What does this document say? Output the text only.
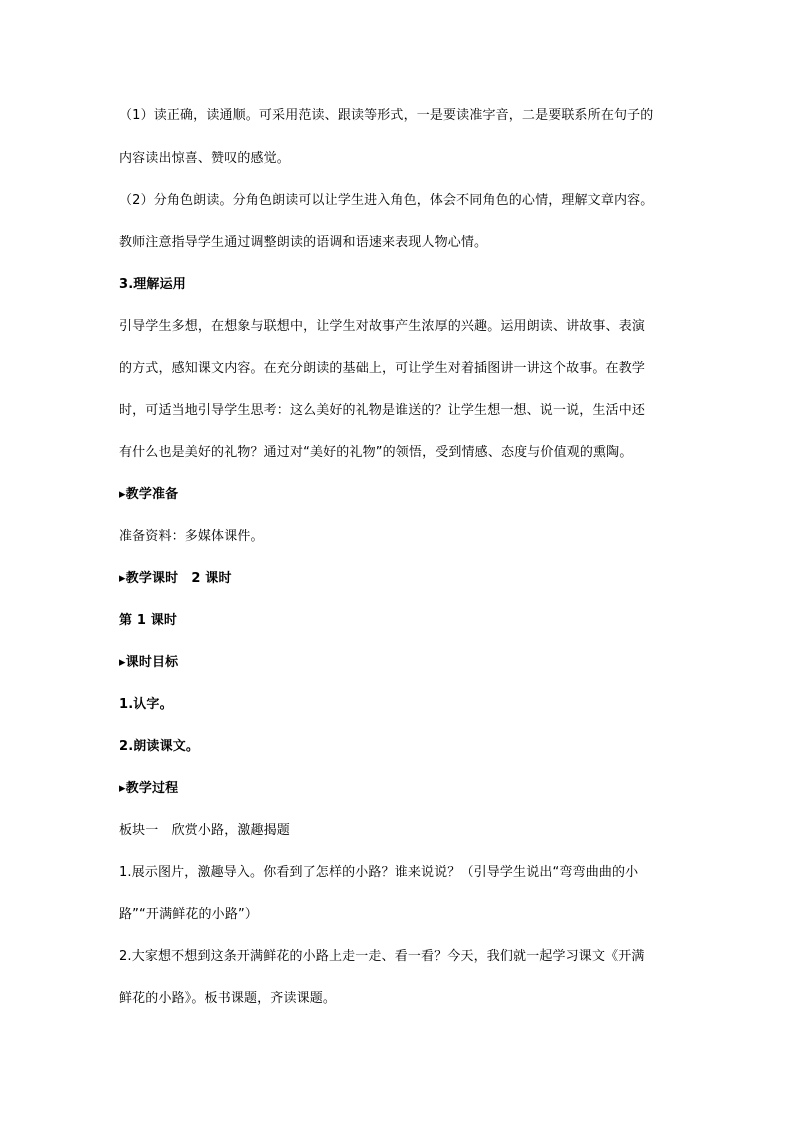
（1）读正确，读通顺。可采用范读、跟读等形式，一是要读准字音，二是要联系所在句子的
内容读出惊喜、赞叹的感觉。
（2）分角色朗读。分角色朗读可以让学生进入角色，体会不同角色的心情，理解文章内容。
教师注意指导学生通过调整朗读的语调和语速来表现人物心情。
3.理解运用
引导学生多想，在想象与联想中，让学生对故事产生浓厚的兴趣。运用朗读、讲故事、表演
的方式，感知课文内容。在充分朗读的基础上，可让学生对着插图讲一讲这个故事。在教学
时，可适当地引导学生思考：这么美好的礼物是谁送的？让学生想一想、说一说，生活中还
有什么也是美好的礼物？通过对“美好的礼物”的领悟，受到情感、态度与价值观的熏陶。
▸教学准备
准备资料：多媒体课件。
▸教学课时　2 课时
第 1 课时
▸课时目标
1.认字。
2.朗读课文。
▸教学过程
板块一　欣赏小路，激趣揭题
1.展示图片，激趣导入。你看到了怎样的小路？谁来说说？（引导学生说出“弯弯曲曲的小
路”“开满鲜花的小路”）
2.大家想不想到这条开满鲜花的小路上走一走、看一看？今天，我们就一起学习课文《开满
鲜花的小路》。板书课题，齐读课题。
